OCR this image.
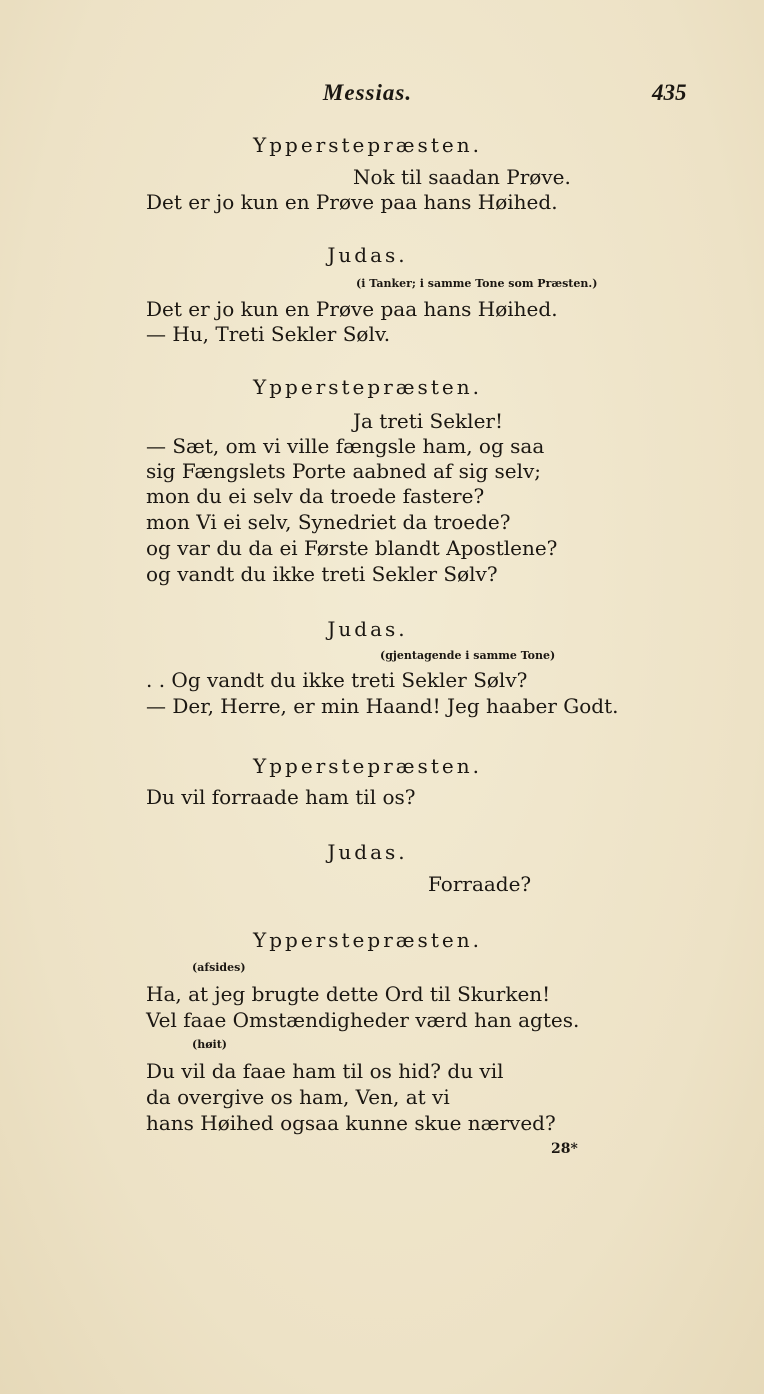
Messias.	435
Ypperstepræsten.
Nok til saadan Prøve.
Det er jo kun en Prøve paa hans Høihed.
Judas.
(i Tanker; i samme Tone som Præsten.)
Det er jo kun en Prøve paa hans Høihed.
— Hu, Treti Sekler Sølv.
Ypperstepræsten.
Ja treti Sekler!
— Sæt, om vi ville fængsle ham, og saa
sig Fængslets Porte aabned af sig selv;
mon du ei selv da troede fastere?
mon Vi ei selv, Synedriet da troede?
og var du da ei Første blandt Apostlene?
og vandt du ikke treti Sekler Sølv?
Judas.
(gjentagende i samme Tone)
. . Og vandt du ikke treti Sekler Sølv?
— Der, Herre, er min Haand! Jeg haaber Godt.
Ypperstepræsten.
Du vil forraade ham til os?
Judas.
Forraade?
Ypperstepræsten.
(afsides)
Ha, at jeg brugte dette Ord til Skurken!
Vel faae Omstændigheder værd han agtes.
(høit)
Du vil da faae ham til os hid? du vil
da overgive os ham, Ven, at vi
hans Høihed ogsaa kunne skue nærved?
28*
